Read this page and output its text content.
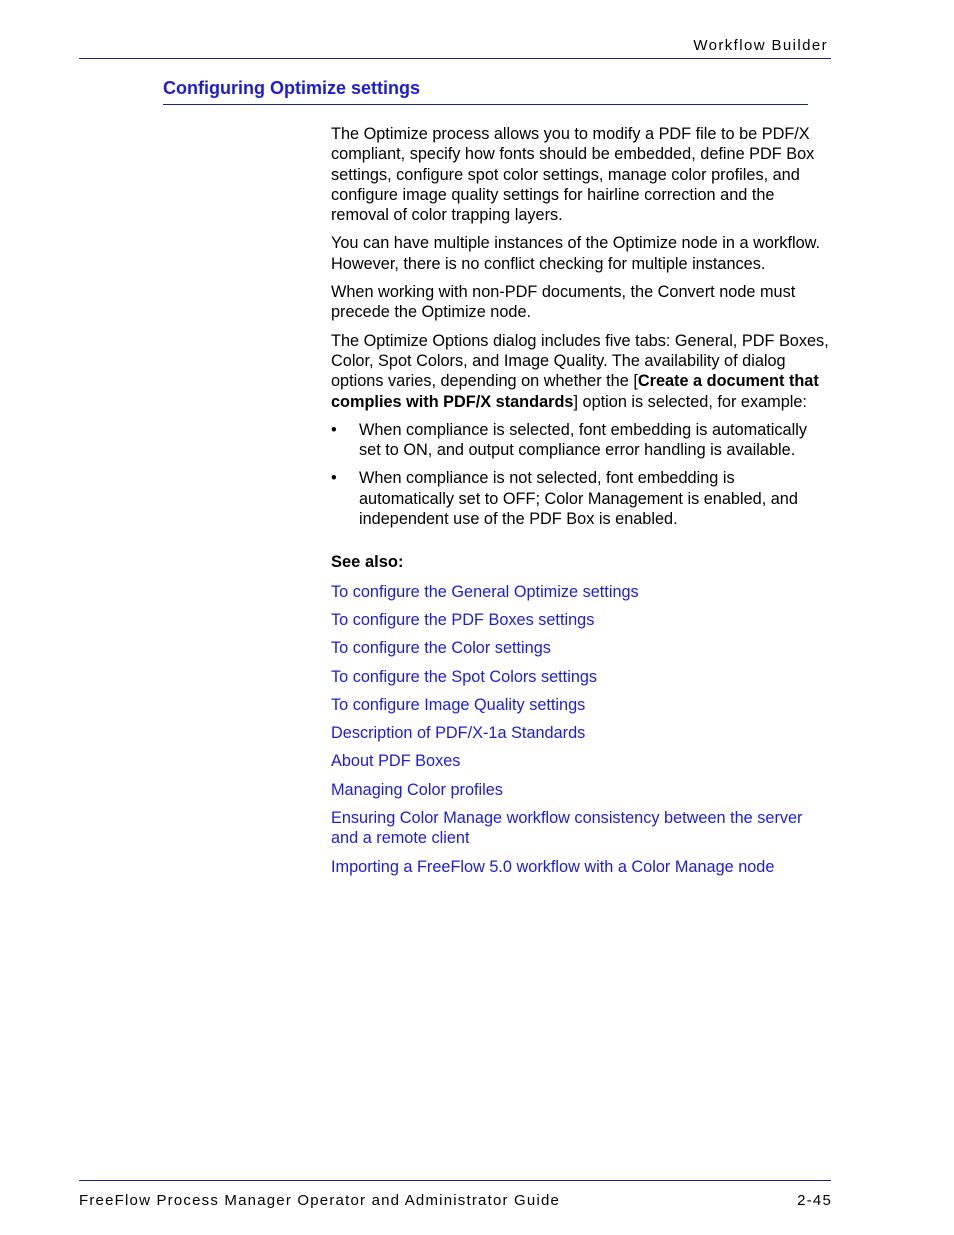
Workflow Builder
Configuring Optimize settings

The Optimize process allows you to modify a PDF file to be PDF/X compliant, specify how fonts should be embedded, define PDF Box settings, configure spot color settings, manage color profiles, and configure image quality settings for hairline correction and the removal of color trapping layers.

You can have multiple instances of the Optimize node in a workflow. However, there is no conflict checking for multiple instances.

When working with non-PDF documents, the Convert node must precede the Optimize node.

The Optimize Options dialog includes five tabs: General, PDF Boxes, Color, Spot Colors, and Image Quality. The availability of dialog options varies, depending on whether the [Create a document that complies with PDF/X standards] option is selected, for example:

• When compliance is selected, font embedding is automatically set to ON, and output compliance error handling is available.
• When compliance is not selected, font embedding is automatically set to OFF; Color Management is enabled, and independent use of the PDF Box is enabled.
See also:
To configure the General Optimize settings
To configure the PDF Boxes settings
To configure the Color settings
To configure the Spot Colors settings
To configure Image Quality settings
Description of PDF/X-1a Standards
About PDF Boxes
Managing Color profiles
Ensuring Color Manage workflow consistency between the server and a remote client
Importing a FreeFlow 5.0 workflow with a Color Manage node
FreeFlow Process Manager Operator and Administrator Guide	2-45
